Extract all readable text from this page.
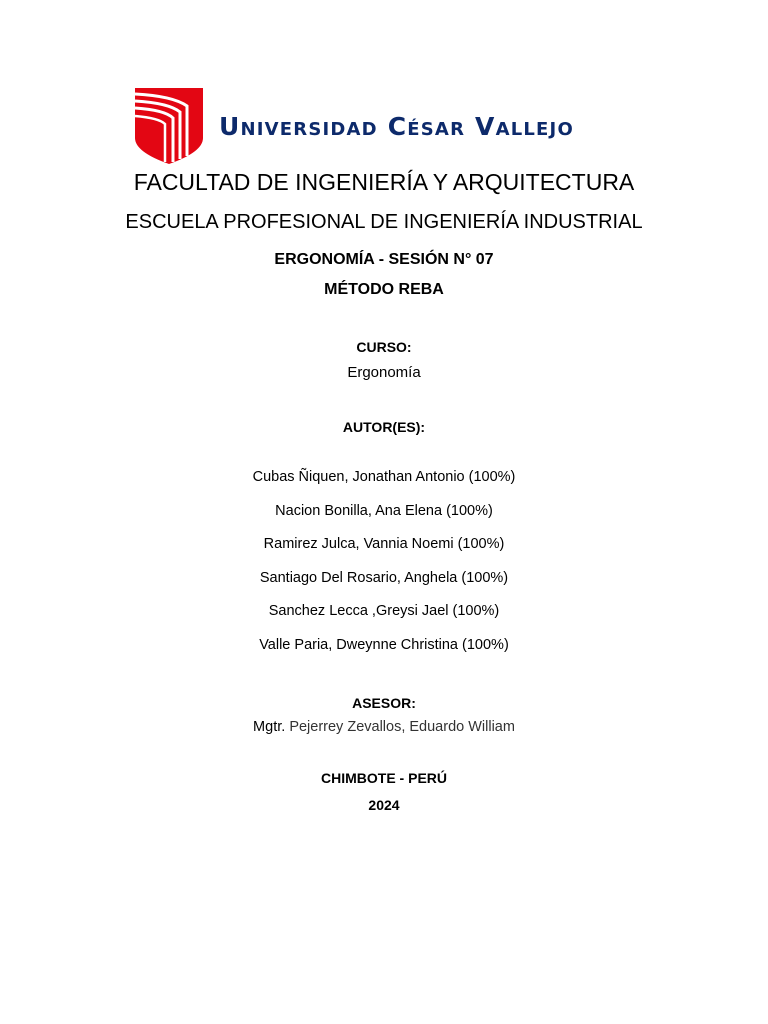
Universidad César Vallejo
FACULTAD DE INGENIERÍA Y ARQUITECTURA
ESCUELA PROFESIONAL DE INGENIERÍA INDUSTRIAL
ERGONOMÍA - SESIÓN N° 07
MÉTODO REBA
CURSO:
Ergonomía
AUTOR(ES):
Cubas Ñiquen, Jonathan Antonio (100%)
Nacion Bonilla, Ana Elena (100%)
Ramirez Julca, Vannia Noemi (100%)
Santiago Del Rosario, Anghela (100%)
Sanchez Lecca ,Greysi Jael (100%)
Valle Paria, Dweynne Christina (100%)
ASESOR:
Mgtr. Pejerrey Zevallos, Eduardo William
CHIMBOTE - PERÚ
2024
